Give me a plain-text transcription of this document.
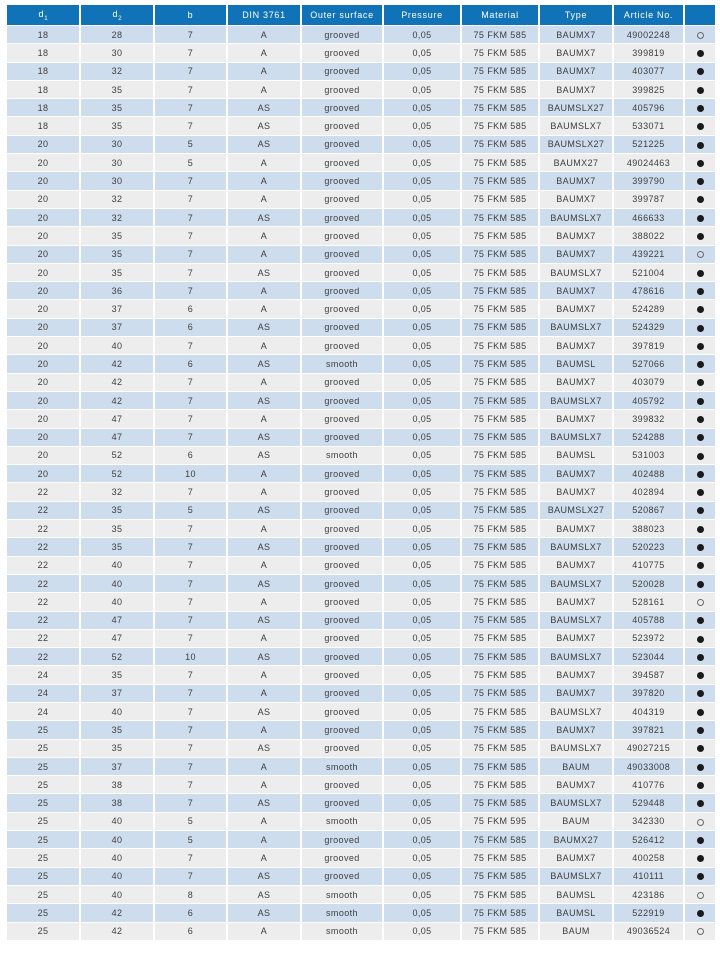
$d_1$	$d_2$	b	DIN 3761	Outer surface	Pressure	Material	Type	Article No.	
18	28	7	A	grooved	0,05	75 FKM 585	BAUMX7	49002248	
18	30	7	A	grooved	0,05	75 FKM 585	BAUMX7	399819	
18	32	7	A	grooved	0,05	75 FKM 585	BAUMX7	403077	
18	35	7	A	grooved	0,05	75 FKM 585	BAUMX7	399825	
18	35	7	AS	grooved	0,05	75 FKM 585	BAUMSLX27	405796	
18	35	7	AS	grooved	0,05	75 FKM 585	BAUMSLX7	533071	
20	30	5	AS	grooved	0,05	75 FKM 585	BAUMSLX27	521225	
20	30	5	A	grooved	0,05	75 FKM 585	BAUMX27	49024463	
20	30	7	A	grooved	0,05	75 FKM 585	BAUMX7	399790	
20	32	7	A	grooved	0,05	75 FKM 585	BAUMX7	399787	
20	32	7	AS	grooved	0,05	75 FKM 585	BAUMSLX7	466633	
20	35	7	A	grooved	0,05	75 FKM 585	BAUMX7	388022	
20	35	7	A	grooved	0,05	75 FKM 585	BAUMX7	439221	
20	35	7	AS	grooved	0,05	75 FKM 585	BAUMSLX7	521004	
20	36	7	A	grooved	0,05	75 FKM 585	BAUMX7	478616	
20	37	6	A	grooved	0,05	75 FKM 585	BAUMX7	524289	
20	37	6	AS	grooved	0,05	75 FKM 585	BAUMSLX7	524329	
20	40	7	A	grooved	0,05	75 FKM 585	BAUMX7	397819	
20	42	6	AS	smooth	0,05	75 FKM 585	BAUMSL	527066	
20	42	7	A	grooved	0,05	75 FKM 585	BAUMX7	403079	
20	42	7	AS	grooved	0,05	75 FKM 585	BAUMSLX7	405792	
20	47	7	A	grooved	0,05	75 FKM 585	BAUMX7	399832	
20	47	7	AS	grooved	0,05	75 FKM 585	BAUMSLX7	524288	
20	52	6	AS	smooth	0,05	75 FKM 585	BAUMSL	531003	
20	52	10	A	grooved	0,05	75 FKM 585	BAUMX7	402488	
22	32	7	A	grooved	0,05	75 FKM 585	BAUMX7	402894	
22	35	5	AS	grooved	0,05	75 FKM 585	BAUMSLX27	520867	
22	35	7	A	grooved	0,05	75 FKM 585	BAUMX7	388023	
22	35	7	AS	grooved	0,05	75 FKM 585	BAUMSLX7	520223	
22	40	7	A	grooved	0,05	75 FKM 585	BAUMX7	410775	
22	40	7	AS	grooved	0,05	75 FKM 585	BAUMSLX7	520028	
22	40	7	A	grooved	0,05	75 FKM 585	BAUMX7	528161	
22	47	7	AS	grooved	0,05	75 FKM 585	BAUMSLX7	405788	
22	47	7	A	grooved	0,05	75 FKM 585	BAUMX7	523972	
22	52	10	AS	grooved	0,05	75 FKM 585	BAUMSLX7	523044	
24	35	7	A	grooved	0,05	75 FKM 585	BAUMX7	394587	
24	37	7	A	grooved	0,05	75 FKM 585	BAUMX7	397820	
24	40	7	AS	grooved	0,05	75 FKM 585	BAUMSLX7	404319	
25	35	7	A	grooved	0,05	75 FKM 585	BAUMX7	397821	
25	35	7	AS	grooved	0,05	75 FKM 585	BAUMSLX7	49027215	
25	37	7	A	smooth	0,05	75 FKM 585	BAUM	49033008	
25	38	7	A	grooved	0,05	75 FKM 585	BAUMX7	410776	
25	38	7	AS	grooved	0,05	75 FKM 585	BAUMSLX7	529448	
25	40	5	A	smooth	0,05	75 FKM 595	BAUM	342330	
25	40	5	A	grooved	0,05	75 FKM 585	BAUMX27	526412	
25	40	7	A	grooved	0,05	75 FKM 585	BAUMX7	400258	
25	40	7	AS	grooved	0,05	75 FKM 585	BAUMSLX7	410111	
25	40	8	AS	smooth	0,05	75 FKM 585	BAUMSL	423186	
25	42	6	AS	smooth	0,05	75 FKM 585	BAUMSL	522919	
25	42	6	A	smooth	0,05	75 FKM 585	BAUM	49036524	
